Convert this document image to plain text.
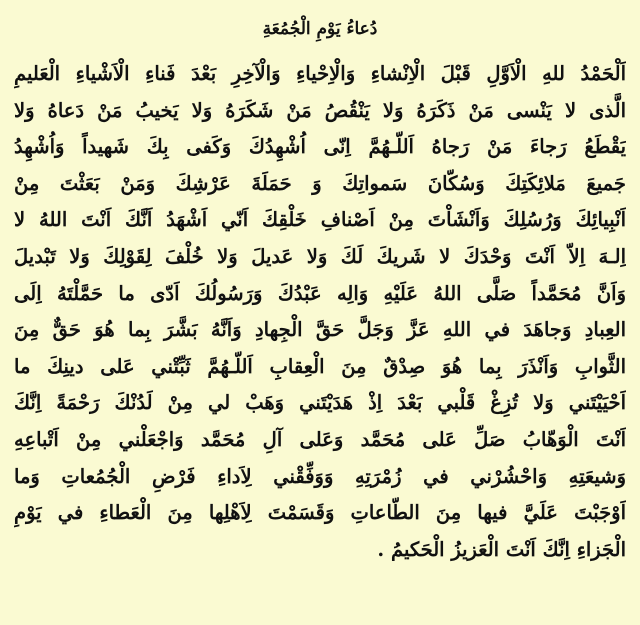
دُعاءُ يَوْمِ الْجُمُعَةِ
اَلْحَمْدُ للهِ الْاَوَّلِ قَبْلَ الْاِنْشاءِ وَالْاِحْياءِ وَالْآخِرِ بَعْدَ فَناءِ الْاَشْياءِ الْعَليمِ
الَّذى لا يَنْسى مَنْ ذَكَرَهُ وَلا يَنْقُصُ مَنْ شَكَرَهُ وَلا يَخيبُ مَنْ دَعاهُ وَلا
يَقْطَعُ رَجاءَ مَنْ رَجاهُ اَللّـهُمَّ اِنّى اُشْهِدُكَ وَكَفى بِكَ شَهيداً وَاُشْهِدُ
جَميعَ مَلائِكَتِكَ وَسُكّانَ سَمواتِكَ وَ حَمَلَةَ عَرْشِكَ وَمَنْ بَعَثْتَ مِنْ
اَنْبِيائِكَ وَرُسُلِكَ وَاَنْشَاْتَ مِنْ اَصْنافِ خَلْقِكَ اَنّي اَشْهَدُ اَنَّكَ اَنْتَ اللهُ لا
اِلـهَ اِلاّ اَنْتَ وَحْدَكَ لا شَريكَ لَكَ وَلا عَديلَ وَلا خُلْفَ لِقَوْلِكَ وَلا تَبْديلَ
وَاَنَّ مُحَمَّداً صَلَّى اللهُ عَلَيْهِ وَالِه عَبْدُكَ وَرَسُولُكَ اَدّى ما حَمَّلْتَهُ اِلَى
العِبادِ وَجاهَدَ في اللهِ عَزَّ وَجَلَّ حَقَّ الْجِهادِ وَاَنَّهُ بَشَّرَ بِما هُوَ حَقٌّ مِنَ
الثَّوابِ وَاَنْذَرَ بِما هُوَ صِدْقٌ مِنَ الْعِقابِ اَللّـهُمَّ ثَبِّتْني عَلى دينِكَ ما
اَحْيَيْتَني وَلا تُزِغْ قَلْبي بَعْدَ اِذْ هَدَيْتَني وَهَبْ لي مِنْ لَدُنْكَ رَحْمَةً اِنَّكَ
اَنْتَ الْوَهّابُ صَلِّ عَلى مُحَمَّد وَعَلى آلِ مُحَمَّد وَاجْعَلْني مِنْ اَتْباعِهِ
وَشيعَتِهِ وَاحْشُرْني في زُمْرَتِهِ وَوَفِّقْني لِاَداءِ فَرْضِ الْجُمُعاتِ وَما
اَوْجَبْتَ عَلَيَّ فيها مِنَ الطّاعاتِ وَقَسَمْتَ لِاَهْلِها مِنَ الْعَطاءِ في يَوْمِ
الْجَزاءِ اِنَّكَ اَنْتَ الْعَزيزُ الْحَكيمُ .
